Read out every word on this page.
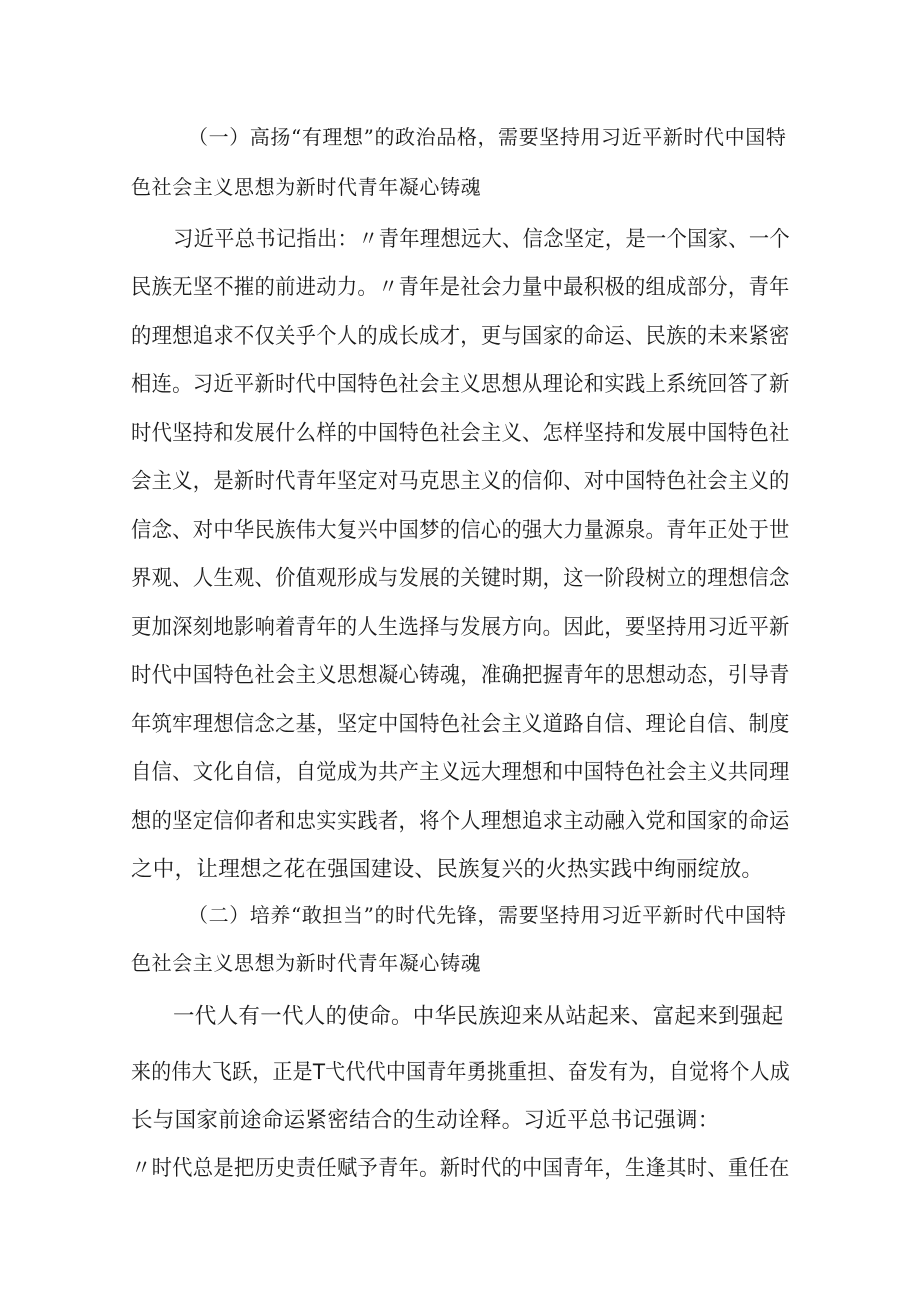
（一）高扬“有理想”的政治品格，需要坚持用习近平新时代中国特

色社会主义思想为新时代青年凝心铸魂

习近平总书记指出：〃青年理想远大、信念坚定，是一个国家、一个

民族无坚不摧的前进动力。〃青年是社会力量中最积极的组成部分，青年

的理想追求不仅关乎个人的成长成才，更与国家的命运、民族的未来紧密

相连。习近平新时代中国特色社会主义思想从理论和实践上系统回答了新

时代坚持和发展什么样的中国特色社会主义、怎样坚持和发展中国特色社

会主义，是新时代青年坚定对马克思主义的信仰、对中国特色社会主义的

信念、对中华民族伟大复兴中国梦的信心的强大力量源泉。青年正处于世

界观、人生观、价值观形成与发展的关键时期，这一阶段树立的理想信念

更加深刻地影响着青年的人生选择与发展方向。因此，要坚持用习近平新

时代中国特色社会主义思想凝心铸魂，准确把握青年的思想动态，引导青

年筑牢理想信念之基，坚定中国特色社会主义道路自信、理论自信、制度

自信、文化自信，自觉成为共产主义远大理想和中国特色社会主义共同理

想的坚定信仰者和忠实实践者，将个人理想追求主动融入党和国家的命运

之中，让理想之花在强国建设、民族复兴的火热实践中绚丽绽放。

（二）培养“敢担当”的时代先锋，需要坚持用习近平新时代中国特

色社会主义思想为新时代青年凝心铸魂

一代人有一代人的使命。中华民族迎来从站起来、富起来到强起

来的伟大飞跃，正是T弋代代中国青年勇挑重担、奋发有为，自觉将个人成

长与国家前途命运紧密结合的生动诠释。习近平总书记强调：

〃时代总是把历史责任赋予青年。新时代的中国青年，生逢其时、重任在
